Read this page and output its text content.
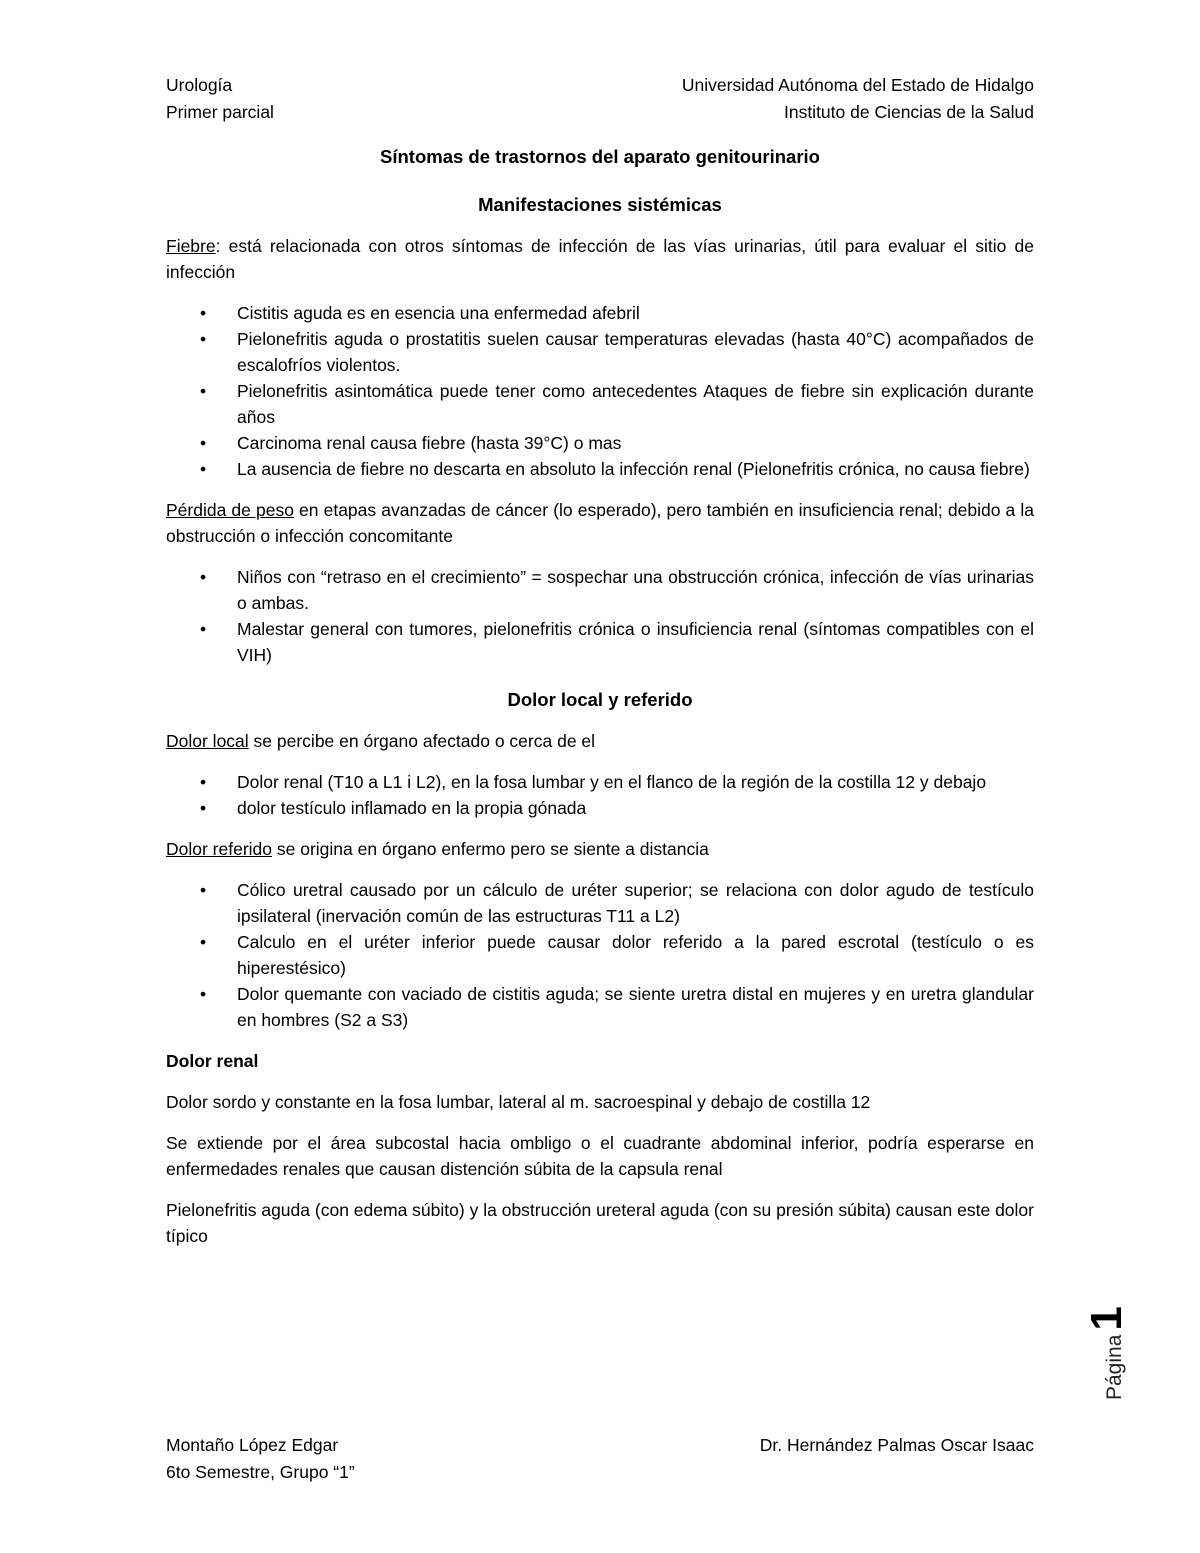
Urología
Primer parcial
Universidad Autónoma del Estado de Hidalgo
Instituto de Ciencias de la Salud
Síntomas de trastornos del aparato genitourinario
Manifestaciones sistémicas

Fiebre: está relacionada con otros síntomas de infección de las vías urinarias, útil para evaluar el sitio de infección

• Cistitis aguda es en esencia una enfermedad afebril
• Pielonefritis aguda o prostatitis suelen causar temperaturas elevadas (hasta 40°C) acompañados de escalofríos violentos.
• Pielonefritis asintomática puede tener como antecedentes Ataques de fiebre sin explicación durante años
• Carcinoma renal causa fiebre (hasta 39°C) o mas
• La ausencia de fiebre no descarta en absoluto la infección renal (Pielonefritis crónica, no causa fiebre)

Pérdida de peso en etapas avanzadas de cáncer (lo esperado), pero también en insuficiencia renal; debido a la obstrucción o infección concomitante

• Niños con “retraso en el crecimiento” = sospechar una obstrucción crónica, infección de vías urinarias o ambas.
• Malestar general con tumores, pielonefritis crónica o insuficiencia renal (síntomas compatibles con el VIH)
Dolor local y referido

Dolor local se percibe en órgano afectado o cerca de el

• Dolor renal (T10 a L1 i L2), en la fosa lumbar y en el flanco de la región de la costilla 12 y debajo
• dolor testículo inflamado en la propia gónada

Dolor referido se origina en órgano enfermo pero se siente a distancia

• Cólico uretral causado por un cálculo de uréter superior; se relaciona con dolor agudo de testículo ipsilateral (inervación común de las estructuras T11 a L2)
• Calculo en el uréter inferior puede causar dolor referido a la pared escrotal (testículo o es hiperestésico)
• Dolor quemante con vaciado de cistitis aguda; se siente uretra distal en mujeres y en uretra glandular en hombres (S2 a S3)
Dolor renal

Dolor sordo y constante en la fosa lumbar, lateral al m. sacroespinal y debajo de costilla 12

Se extiende por el área subcostal hacia ombligo o el cuadrante abdominal inferior, podría esperarse en enfermedades renales que causan distención súbita de la capsula renal

Pielonefritis aguda (con edema súbito) y la obstrucción ureteral aguda (con su presión súbita) causan este dolor típico

Página
1
Montaño López Edgar
6to Semestre, Grupo “1”
Dr. Hernández Palmas Oscar Isaac
